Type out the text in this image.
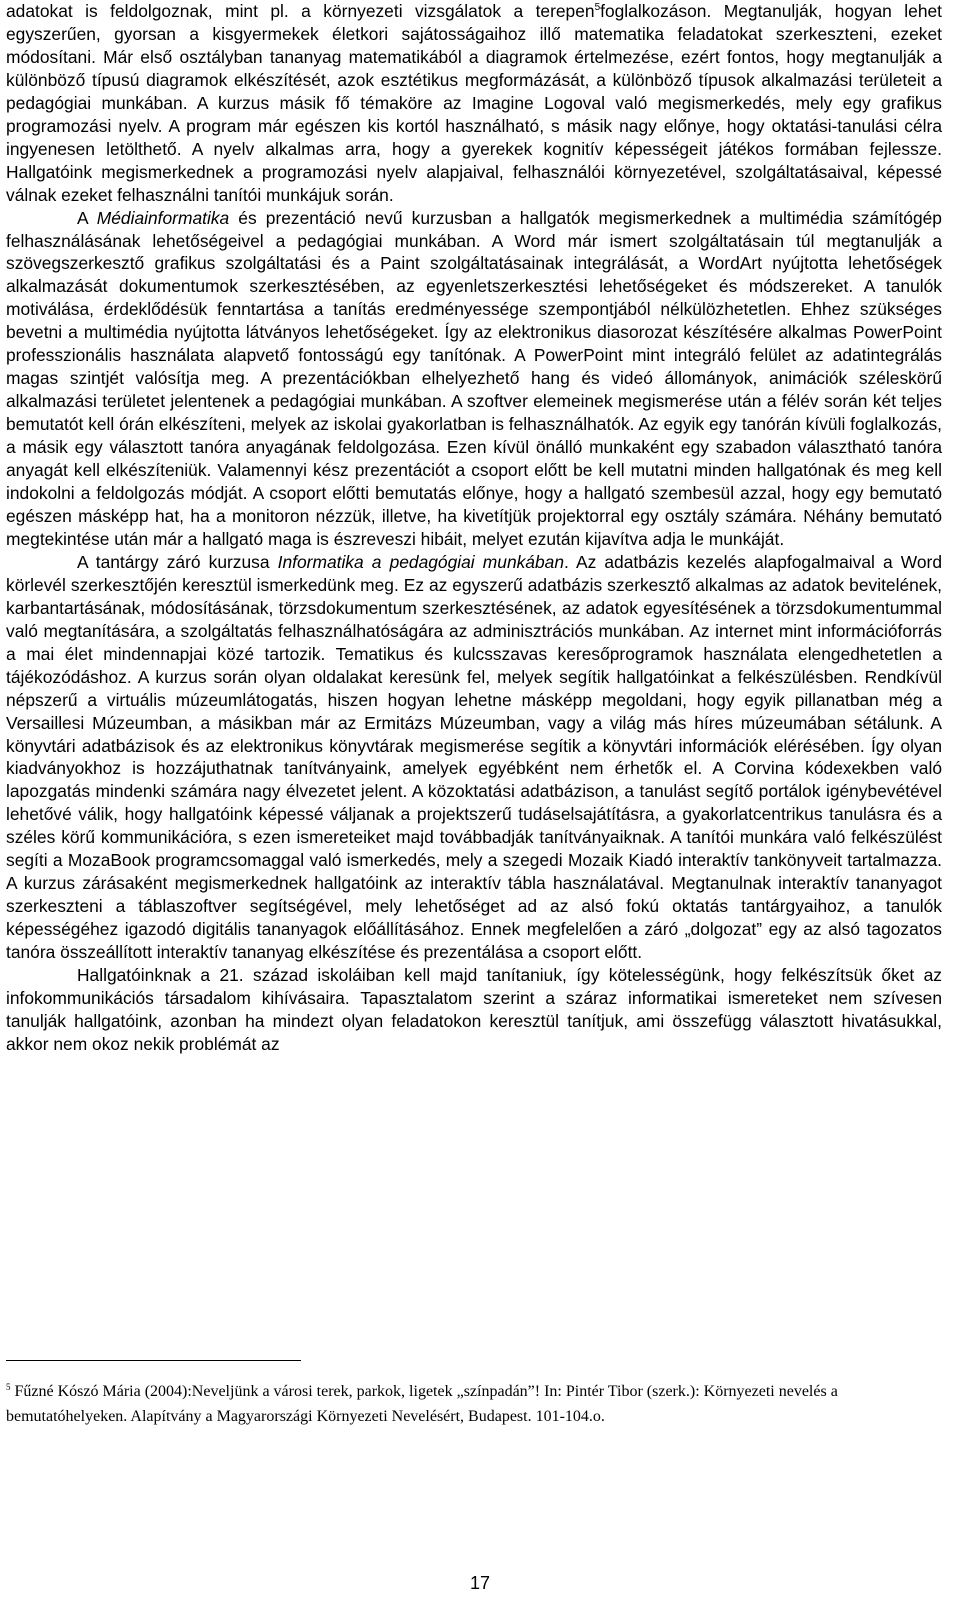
adatokat is feldolgoznak, mint pl. a környezeti vizsgálatok a terepen$^5$foglalkozáson. Megtanulják, hogyan lehet egyszerűen, gyorsan a kisgyermekek életkori sajátosságaihoz illő matematika feladatokat szerkeszteni, ezeket módosítani. Már első osztályban tananyag matematikából a diagramok értelmezése, ezért fontos, hogy megtanulják a különböző típusú diagramok elkészítését, azok esztétikus megformázását, a különböző típusok alkalmazási területeit a pedagógiai munkában. A kurzus másik fő témaköre az Imagine Logoval való megismerkedés, mely egy grafikus programozási nyelv. A program már egészen kis kortól használható, s másik nagy előnye, hogy oktatási-tanulási célra ingyenesen letölthető. A nyelv alkalmas arra, hogy a gyerekek kognitív képességeit játékos formában fejlessze. Hallgatóink megismerkednek a programozási nyelv alapjaival, felhasználói környezetével, szolgáltatásaival, képessé válnak ezeket felhasználni tanítói munkájuk során.

A Médiainformatika és prezentáció nevű kurzusban a hallgatók megismerkednek a multimédia számítógép felhasználásának lehetőségeivel a pedagógiai munkában. A Word már ismert szolgáltatásain túl megtanulják a szövegszerkesztő grafikus szolgáltatási és a Paint szolgáltatásainak integrálását, a WordArt nyújtotta lehetőségek alkalmazását dokumentumok szerkesztésében, az egyenletszerkesztési lehetőségeket és módszereket. A tanulók motiválása, érdeklődésük fenntartása a tanítás eredményessége szempontjából nélkülözhetetlen. Ehhez szükséges bevetni a multimédia nyújtotta látványos lehetőségeket. Így az elektronikus diasorozat készítésére alkalmas PowerPoint professzionális használata alapvető fontosságú egy tanítónak. A PowerPoint mint integráló felület az adatintegrálás magas szintjét valósítja meg. A prezentációkban elhelyezhető hang és videó állományok, animációk széleskörű alkalmazási területet jelentenek a pedagógiai munkában. A szoftver elemeinek megismerése után a félév során két teljes bemutatót kell órán elkészíteni, melyek az iskolai gyakorlatban is felhasználhatók. Az egyik egy tanórán kívüli foglalkozás, a másik egy választott tanóra anyagának feldolgozása. Ezen kívül önálló munkaként egy szabadon választható tanóra anyagát kell elkészíteniük. Valamennyi kész prezentációt a csoport előtt be kell mutatni minden hallgatónak és meg kell indokolni a feldolgozás módját. A csoport előtti bemutatás előnye, hogy a hallgató szembesül azzal, hogy egy bemutató egészen másképp hat, ha a monitoron nézzük, illetve, ha kivetítjük projektorral egy osztály számára. Néhány bemutató megtekintése után már a hallgató maga is észreveszi hibáit, melyet ezután kijavítva adja le munkáját.

A tantárgy záró kurzusa Informatika a pedagógiai munkában. Az adatbázis kezelés alapfogalmaival a Word körlevél szerkesztőjén keresztül ismerkedünk meg. Ez az egyszerű adatbázis szerkesztő alkalmas az adatok bevitelének, karbantartásának, módosításának, törzsdokumentum szerkesztésének, az adatok egyesítésének a törzsdokumentummal való megtanítására, a szolgáltatás felhasználhatóságára az adminisztrációs munkában. Az internet mint információforrás a mai élet mindennapjai közé tartozik. Tematikus és kulcsszavas keresőprogramok használata elengedhetetlen a tájékozódáshoz. A kurzus során olyan oldalakat keresünk fel, melyek segítik hallgatóinkat a felkészülésben. Rendkívül népszerű a virtuális múzeumlátogatás, hiszen hogyan lehetne másképp megoldani, hogy egyik pillanatban még a Versaillesi Múzeumban, a másikban már az Ermitázs Múzeumban, vagy a világ más híres múzeumában sétálunk. A könyvtári adatbázisok és az elektronikus könyvtárak megismerése segítik a könyvtári információk elérésében. Így olyan kiadványokhoz is hozzájuthatnak tanítványaink, amelyek egyébként nem érhetők el. A Corvina kódexekben való lapozgatás mindenki számára nagy élvezetet jelent. A közoktatási adatbázison, a tanulást segítő portálok igénybevétével lehetővé válik, hogy hallgatóink képessé váljanak a projektszerű tudáselsajátításra, a gyakorlatcentrikus tanulásra és a széles körű kommunikációra, s ezen ismereteiket majd továbbadják tanítványaiknak. A tanítói munkára való felkészülést segíti a MozaBook programcsomaggal való ismerkedés, mely a szegedi Mozaik Kiadó interaktív tankönyveit tartalmazza. A kurzus zárásaként megismerkednek hallgatóink az interaktív tábla használatával. Megtanulnak interaktív tananyagot szerkeszteni a táblaszoftver segítségével, mely lehetőséget ad az alsó fokú oktatás tantárgyaihoz, a tanulók képességéhez igazodó digitális tananyagok előállításához. Ennek megfelelően a záró „dolgozat” egy az alsó tagozatos tanóra összeállított interaktív tananyag elkészítése és prezentálása a csoport előtt.

Hallgatóinknak a 21. század iskoláiban kell majd tanítaniuk, így kötelességünk, hogy felkészítsük őket az infokommunikációs társadalom kihívásaira. Tapasztalatom szerint a száraz informatikai ismereteket nem szívesen tanulják hallgatóink, azonban ha mindezt olyan feladatokon keresztül tanítjuk, ami összefügg választott hivatásukkal, akkor nem okoz nekik problémát az

$^5$ Fűzné Kószó Mária (2004):Neveljünk a városi terek, parkok, ligetek „színpadán”! In: Pintér Tibor (szerk.): Környezeti nevelés a bemutatóhelyeken. Alapítvány a Magyarországi Környezeti Nevelésért, Budapest. 101-104.o.
17
